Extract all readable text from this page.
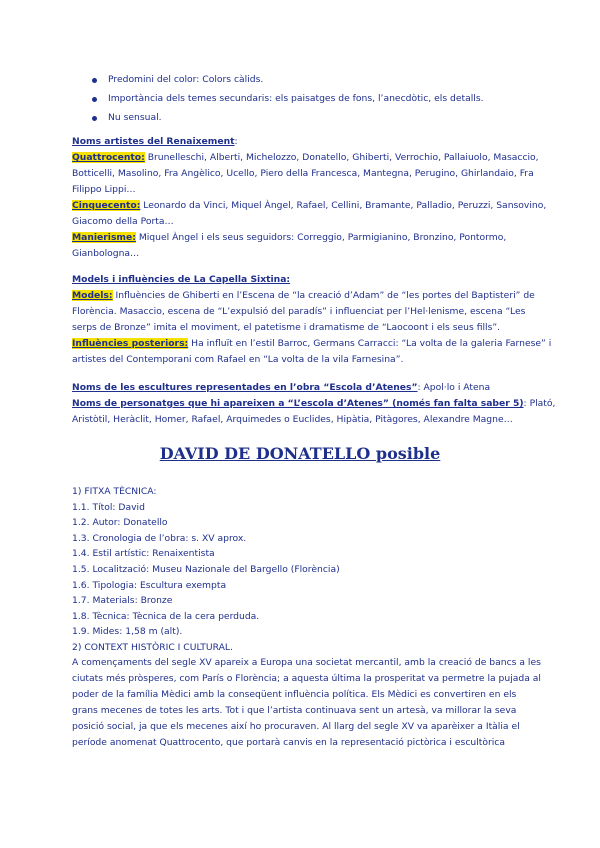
Predomini del color: Colors càlids.
Importància dels temes secundaris: els paisatges de fons, l’anecdòtic, els detalls.
Nu sensual.
Noms artistes del Renaixement:
Quattrocento: Brunelleschi, Alberti, Michelozzo, Donatello, Ghiberti, Verrochio, Pallaiuolo, Masaccio,
Botticelli, Masolino, Fra Angèlico, Ucello, Piero della Francesca, Mantegna, Perugino, Ghirlandaio, Fra
Filippo Lippi…
Cinquecento: Leonardo da Vinci, Miquel Àngel, Rafael, Cellini, Bramante, Palladio, Peruzzi, Sansovino,
Giacomo della Porta…
Manierisme: Miquel Àngel i els seus seguidors: Correggio, Parmigianino, Bronzino, Pontormo,
Gianbologna…
Models i influències de La Capella Sixtina:
Models: Influències de Ghiberti en l’Escena de “la creació d’Adam” de “les portes del Baptisteri” de
Florència. Masaccio, escena de “L’expulsió del paradís” i influenciat per l’Hel·lenisme, escena “Les
serps de Bronze” imita el moviment, el patetisme i dramatisme de “Laocoont i els seus fills”.
Influències posteriors: Ha influït en l’estil Barroc, Germans Carracci: “La volta de la galeria Farnese” i
artistes del Contemporani com Rafael en “La volta de la vila Farnesina”.
Noms de les escultures representades en l’obra “Escola d’Atenes”: Apol·lo i Atena
Noms de personatges que hi apareixen a “L’escola d’Atenes” (només fan falta saber 5): Plató,
Aristòtil, Heràclit, Homer, Rafael, Arquimedes o Euclides, Hipàtia, Pitàgores, Alexandre Magne…
DAVID DE DONATELLO posible
1) FITXA TÈCNICA:
1.1. Títol: David
1.2. Autor: Donatello
1.3. Cronologia de l’obra: s. XV aprox.
1.4. Estil artístic: Renaixentista
1.5. Localització: Museu Nazionale del Bargello (Florència)
1.6. Tipologia: Escultura exempta
1.7. Materials: Bronze
1.8. Tècnica: Tècnica de la cera perduda.
1.9. Mides: 1,58 m (alt).
2) CONTEXT HISTÒRIC I CULTURAL.
A començaments del segle XV apareix a Europa una societat mercantil, amb la creació de bancs a les
ciutats més pròsperes, com París o Florència; a aquesta última la prosperitat va permetre la pujada al
poder de la família Mèdici amb la conseqüent influència política. Els Mèdici es convertiren en els
grans mecenes de totes les arts. Tot i que l’artista continuava sent un artesà, va millorar la seva
posició social, ja que els mecenes així ho procuraven. Al llarg del segle XV va aparèixer a Itàlia el
període anomenat Quattrocento, que portarà canvis en la representació pictòrica i escultòrica
